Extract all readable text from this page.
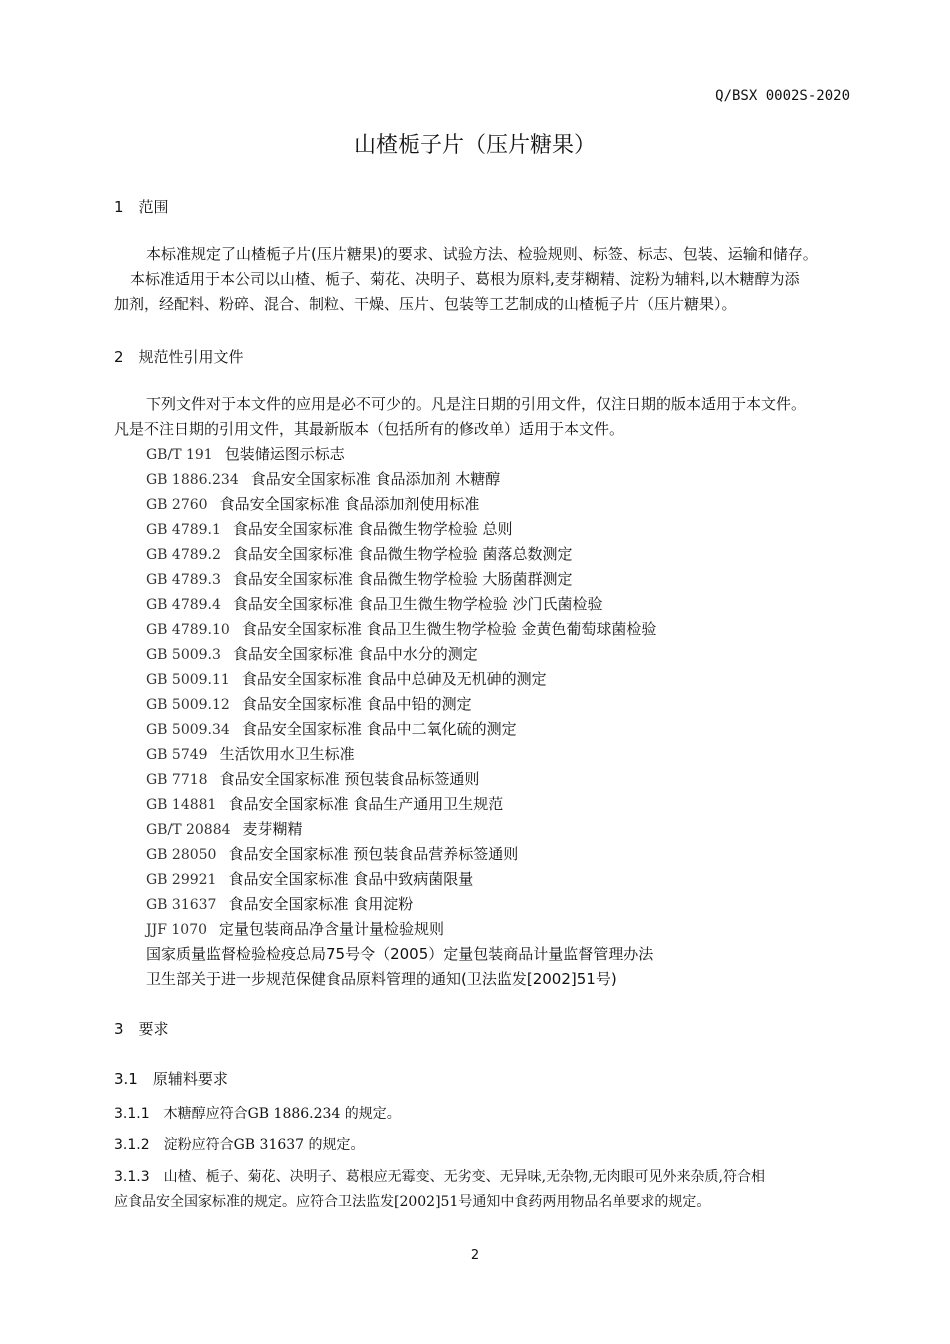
Q/BSX 0002S-2020
山楂栀子片（压片糖果）
1　范围
本标准规定了山楂栀子片(压片糖果)的要求、试验方法、检验规则、标签、标志、包装、运输和储存。
本标准适用于本公司以山楂、栀子、菊花、决明子、葛根为原料,麦芽糊精、淀粉为辅料,以木糖醇为添
加剂，经配料、粉碎、混合、制粒、干燥、压片、包装等工艺制成的山楂栀子片（压片糖果）。
2　规范性引用文件
下列文件对于本文件的应用是必不可少的。凡是注日期的引用文件，仅注日期的版本适用于本文件。
凡是不注日期的引用文件，其最新版本（包括所有的修改单）适用于本文件。
GB/T 191 包装储运图示标志
GB 1886.234 食品安全国家标准 食品添加剂 木糖醇
GB 2760 食品安全国家标准 食品添加剂使用标准
GB 4789.1 食品安全国家标准 食品微生物学检验 总则
GB 4789.2 食品安全国家标准 食品微生物学检验 菌落总数测定
GB 4789.3 食品安全国家标准 食品微生物学检验 大肠菌群测定
GB 4789.4 食品安全国家标准 食品卫生微生物学检验 沙门氏菌检验
GB 4789.10 食品安全国家标准 食品卫生微生物学检验 金黄色葡萄球菌检验
GB 5009.3 食品安全国家标准 食品中水分的测定
GB 5009.11 食品安全国家标准 食品中总砷及无机砷的测定
GB 5009.12 食品安全国家标准 食品中铅的测定
GB 5009.34 食品安全国家标准 食品中二氧化硫的测定
GB 5749 生活饮用水卫生标准
GB 7718 食品安全国家标准 预包装食品标签通则
GB 14881 食品安全国家标准 食品生产通用卫生规范
GB/T 20884 麦芽糊精
GB 28050 食品安全国家标准 预包装食品营养标签通则
GB 29921 食品安全国家标准 食品中致病菌限量
GB 31637 食品安全国家标准 食用淀粉
JJF 1070 定量包装商品净含量计量检验规则
国家质量监督检验检疫总局75号令（2005）定量包装商品计量监督管理办法
卫生部关于进一步规范保健食品原料管理的通知(卫法监发[2002]51号)
3　要求
3.1　原辅料要求
3.1.1 木糖醇应符合GB 1886.234 的规定。
3.1.2 淀粉应符合GB 31637 的规定。
3.1.3 山楂、栀子、菊花、决明子、葛根应无霉变、无劣变、无异味,无杂物,无肉眼可见外来杂质,符合相
应食品安全国家标准的规定。应符合卫法监发[2002]51号通知中食药两用物品名单要求的规定。
2
